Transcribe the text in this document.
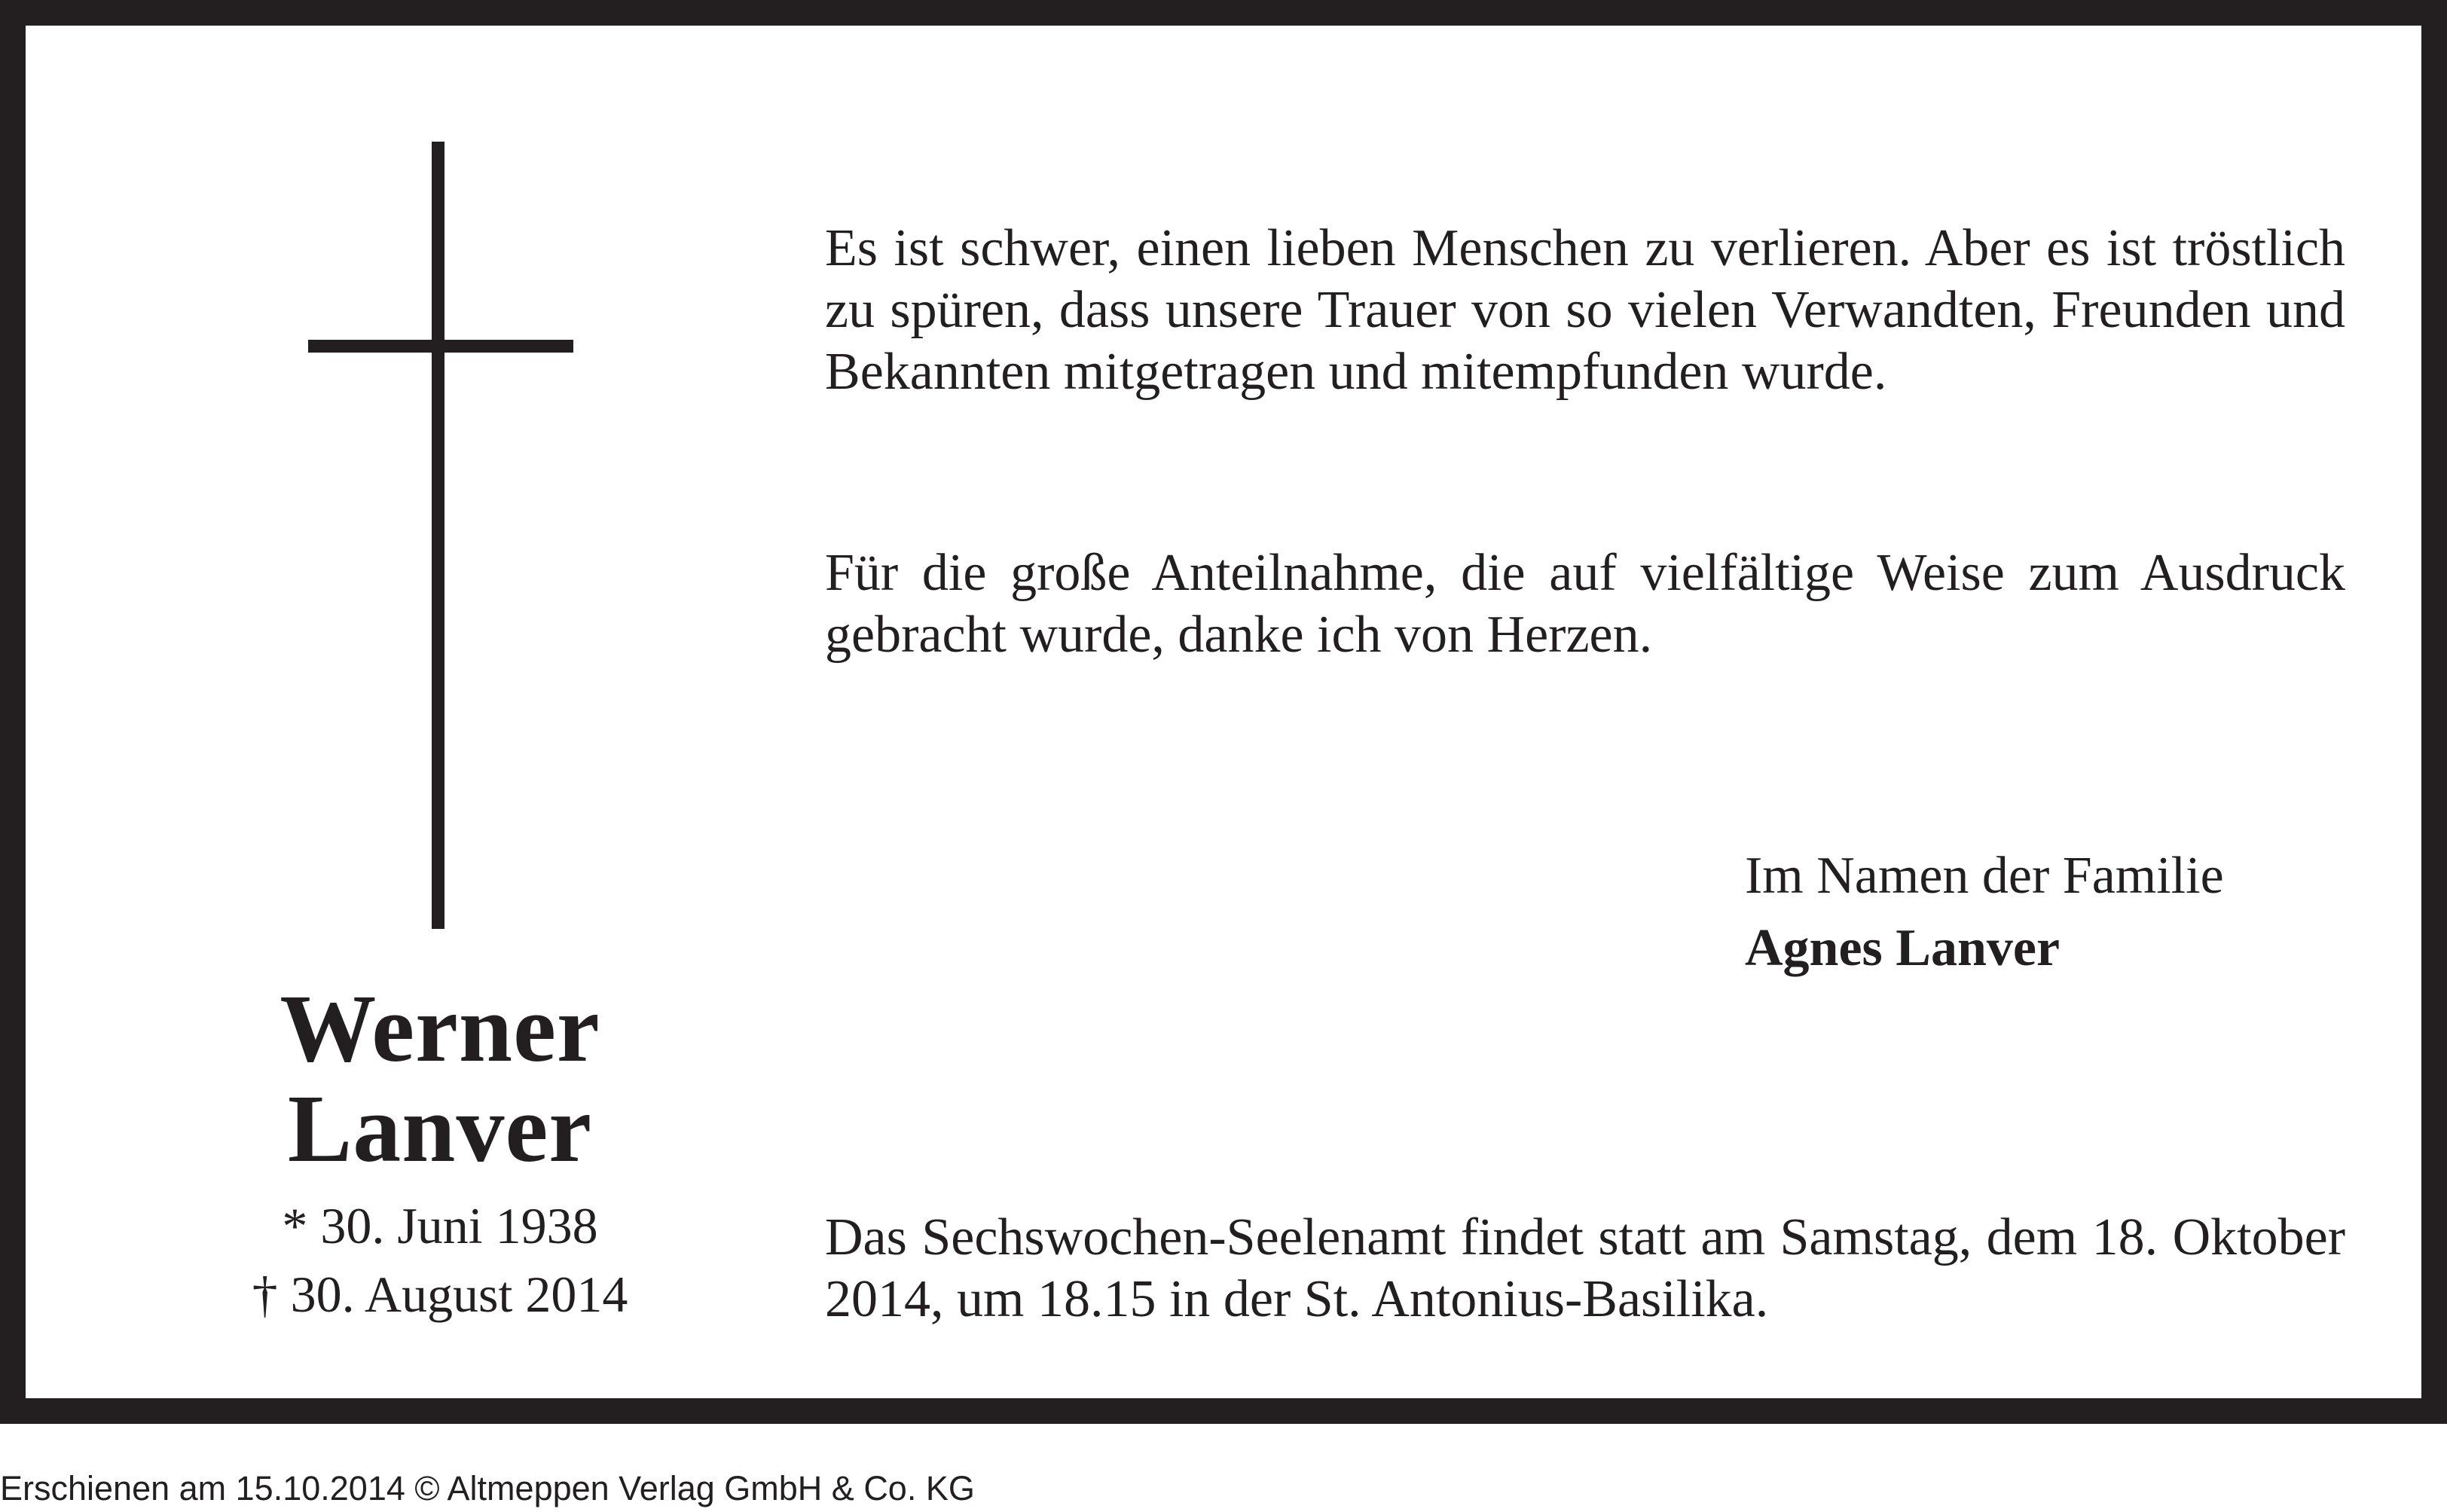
Werner
Lanver
* 30. Juni 1938
† 30. August 2014
Es ist schwer, einen lieben Menschen zu verlieren. Aber es ist tröstlich zu spüren, dass unsere Trauer von so vielen Verwandten, Freunden und Bekannten mitgetragen und mitempfunden wurde.
Für die große Anteilnahme, die auf vielfältige Weise zum Ausdruck gebracht wurde, danke ich von Herzen.
Im Namen der Familie
Agnes Lanver
Das Sechswochen-Seelenamt findet statt am Samstag, dem 18. Oktober 2014, um 18.15 in der St. Antonius-Basilika.
Erschienen am 15.10.2014 © Altmeppen Verlag GmbH & Co. KG
